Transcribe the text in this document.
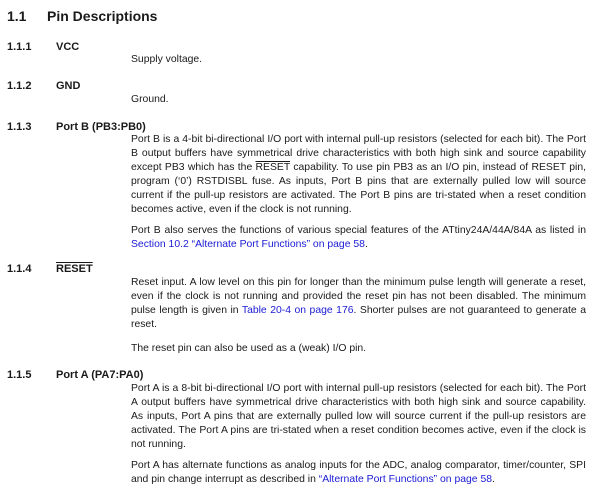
1.1 Pin Descriptions
1.1.1 VCC

Supply voltage.

1.1.2 GND

Ground.

1.1.3 Port B (PB3:PB0)

Port B is a 4-bit bi-directional I/O port with internal pull-up resistors (selected for each bit). The Port B output buffers have symmetrical drive characteristics with both high sink and source capability except PB3 which has the RESET capability. To use pin PB3 as an I/O pin, instead of RESET pin, program (‘0’) RSTDISBL fuse. As inputs, Port B pins that are externally pulled low will source current if the pull-up resistors are activated. The Port B pins are tri-stated when a reset condition becomes active, even if the clock is not running.

Port B also serves the functions of various special features of the ATtiny24A/44A/84A as listed in Section 10.2 “Alternate Port Functions” on page 58.

1.1.4 RESET

Reset input. A low level on this pin for longer than the minimum pulse length will generate a reset, even if the clock is not running and provided the reset pin has not been disabled. The minimum pulse length is given in Table 20-4 on page 176. Shorter pulses are not guaranteed to generate a reset.

The reset pin can also be used as a (weak) I/O pin.

1.1.5 Port A (PA7:PA0)

Port A is a 8-bit bi-directional I/O port with internal pull-up resistors (selected for each bit). The Port A output buffers have symmetrical drive characteristics with both high sink and source capability. As inputs, Port A pins that are externally pulled low will source current if the pull-up resistors are activated. The Port A pins are tri-stated when a reset condition becomes active, even if the clock is not running.

Port A has alternate functions as analog inputs for the ADC, analog comparator, timer/counter, SPI and pin change interrupt as described in “Alternate Port Functions” on page 58.
